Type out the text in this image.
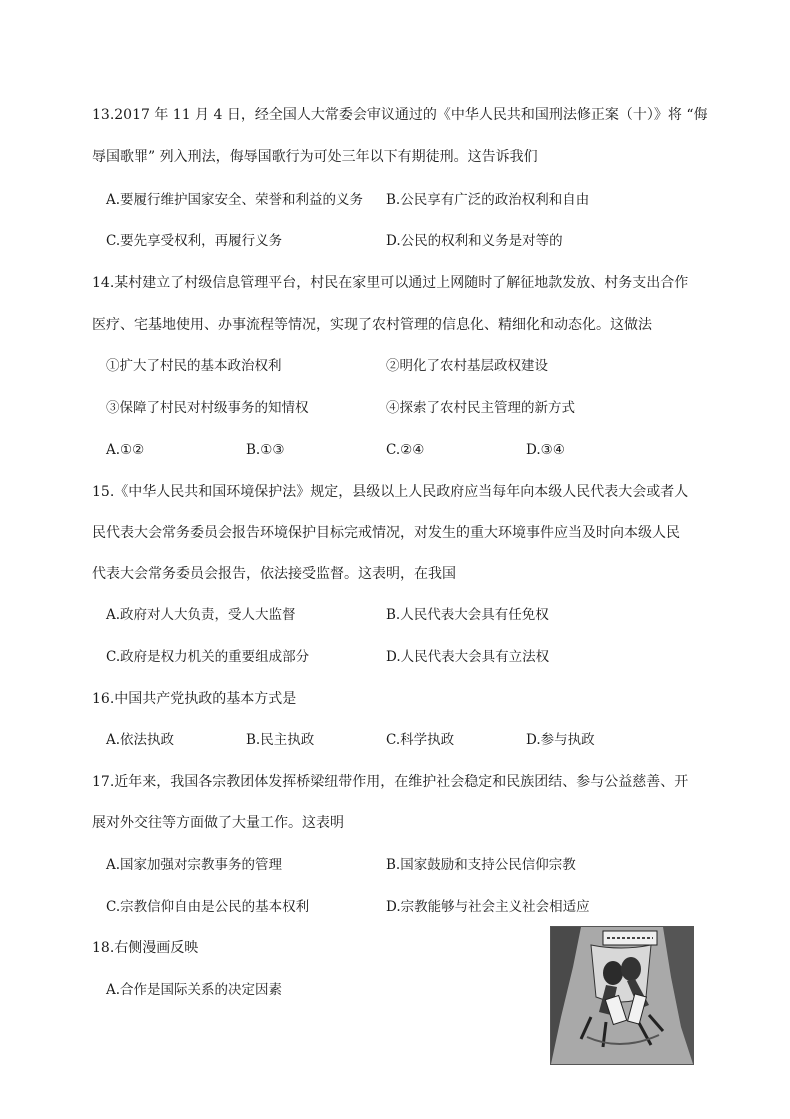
13.2017 年 11 月 4 日，经全国人大常委会审议通过的《中华人民共和国刑法修正案（十）》将 “侮
辱国歌罪” 列入刑法，侮辱国歌行为可处三年以下有期徒刑。这告诉我们
A.要履行维护国家安全、荣誉和利益的义务 B.公民享有广泛的政治权利和自由
C.要先享受权利，再履行义务	D.公民的权利和义务是对等的
14.某村建立了村级信息管理平台，村民在家里可以通过上网随时了解征地款发放、村务支出合作
医疗、宅基地使用、办事流程等情况，实现了农村管理的信息化、精细化和动态化。这做法
①扩大了村民的基本政治权利	②明化了农村基层政权建设
③保障了村民对村级事务的知情权	④探索了农村民主管理的新方式
A.①②	B.①③	C.②④	D.③④
15.《中华人民共和国环境保护法》规定，县级以上人民政府应当每年向本级人民代表大会或者人
民代表大会常务委员会报告环境保护目标完戒情况，对发生的重大环境事件应当及时向本级人民
代表大会常务委员会报告，依法接受监督。这表明，在我国
A.政府对人大负责，受人大监督	B.人民代表大会具有任免权
C.政府是权力机关的重要组成部分	D.人民代表大会具有立法权
16.中国共产党执政的基本方式是
A.依法执政	B.民主执政	C.科学执政	D.参与执政
17.近年来，我国各宗教团体发挥桥梁纽带作用，在维护社会稳定和民族团结、参与公益慈善、开
展对外交往等方面做了大量工作。这表明
A.国家加强对宗教事务的管理	B.国家鼓励和支持公民信仰宗教
C.宗教信仰自由是公民的基本权利	D.宗教能够与社会主义社会相适应
18.右侧漫画反映
A.合作是国际关系的决定因素
